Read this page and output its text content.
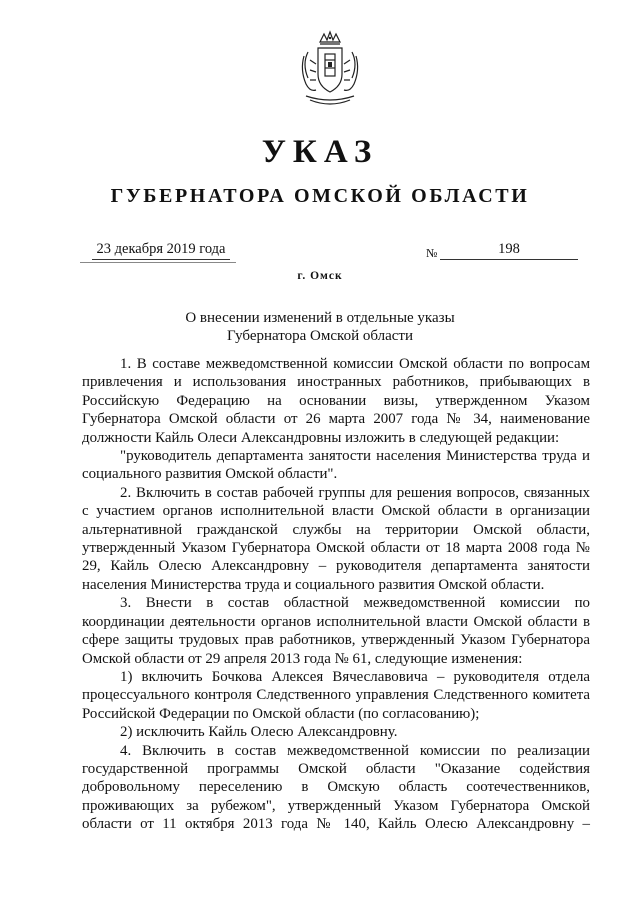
УКАЗ
ГУБЕРНАТОРА ОМСКОЙ ОБЛАСТИ
23 декабря 2019 года	№	198
г. Омск
О внесении изменений в отдельные указы
Губернатора Омской области

1. В составе межведомственной комиссии Омской области по вопросам привлечения и использования иностранных работников, прибывающих в Российскую Федерацию на основании визы, утвержденном Указом Губернатора Омской области от 26 марта 2007 года № 34, наименование должности Кайль Олеси Александровны изложить в следующей редакции:

"руководитель департамента занятости населения Министерства труда и социального развития Омской области".

2. Включить в состав рабочей группы для решения вопросов, связанных с участием органов исполнительной власти Омской области в организации альтернативной гражданской службы на территории Омской области, утвержденный Указом Губернатора Омской области от 18 марта 2008 года № 29, Кайль Олесю Александровну – руководителя департамента занятости населения Министерства труда и социального развития Омской области.

3. Внести в состав областной межведомственной комиссии по координации деятельности органов исполнительной власти Омской области в сфере защиты трудовых прав работников, утвержденный Указом Губернатора Омской области от 29 апреля 2013 года № 61, следующие изменения:

1) включить Бочкова Алексея Вячеславовича – руководителя отдела процессуального контроля Следственного управления Следственного комитета Российской Федерации по Омской области (по согласованию);

2) исключить Кайль Олесю Александровну.

4. Включить в состав межведомственной комиссии по реализации государственной программы Омской области "Оказание содействия добровольному переселению в Омскую область соотечественников, проживающих за рубежом", утвержденный Указом Губернатора Омской области от 11 октября 2013 года № 140, Кайль Олесю Александровну –
